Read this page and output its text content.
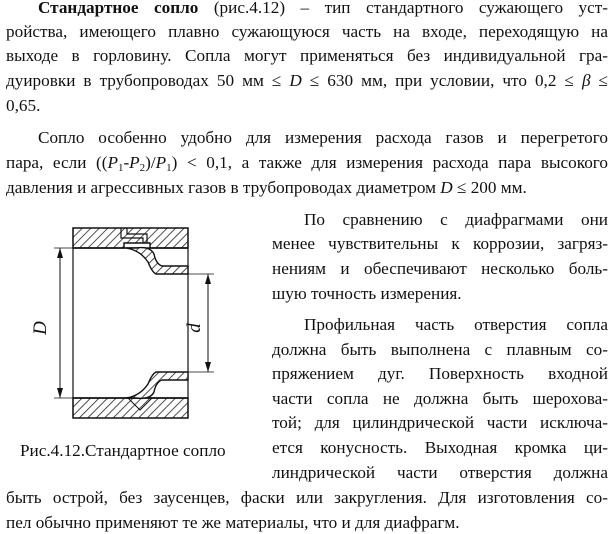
Стандартное сопло (рис.4.12) – тип стандартного сужающего уст-
ройства, имеющего плавно сужающуюся часть на входе, переходящую на
выходе в горловину. Сопла могут применяться без индивидуальной гра-
дуировки в трубопроводах 50 мм ≤ D ≤ 630 мм, при условии, что 0,2 ≤ β ≤
0,65.
Сопло особенно удобно для измерения расхода газов и перегретого
пара, если $((P_1-P_2)/P_1) < 0,1$, а также для измерения расхода пара высокого
давления и агрессивных газов в трубопроводах диаметром D ≤ 200 мм.
По сравнению с диафрагмами они
менее чувствительны к коррозии, загряз-
нениям и обеспечивают несколько боль-
шую точность измерения.
Профильная часть отверстия сопла
должна быть выполнена с плавным со-
пряжением дуг. Поверхность входной
части сопла не должна быть шерохова-
той; для цилиндрической части исключа-
ется конусность. Выходная кромка ци-
линдрической части отверстия должна
быть острой, без заусенцев, фаски или закругления. Для изготовления со-
пел обычно применяют те же материалы, что и для диафрагм.
D	d
Рис.4.12.Стандартное сопло
